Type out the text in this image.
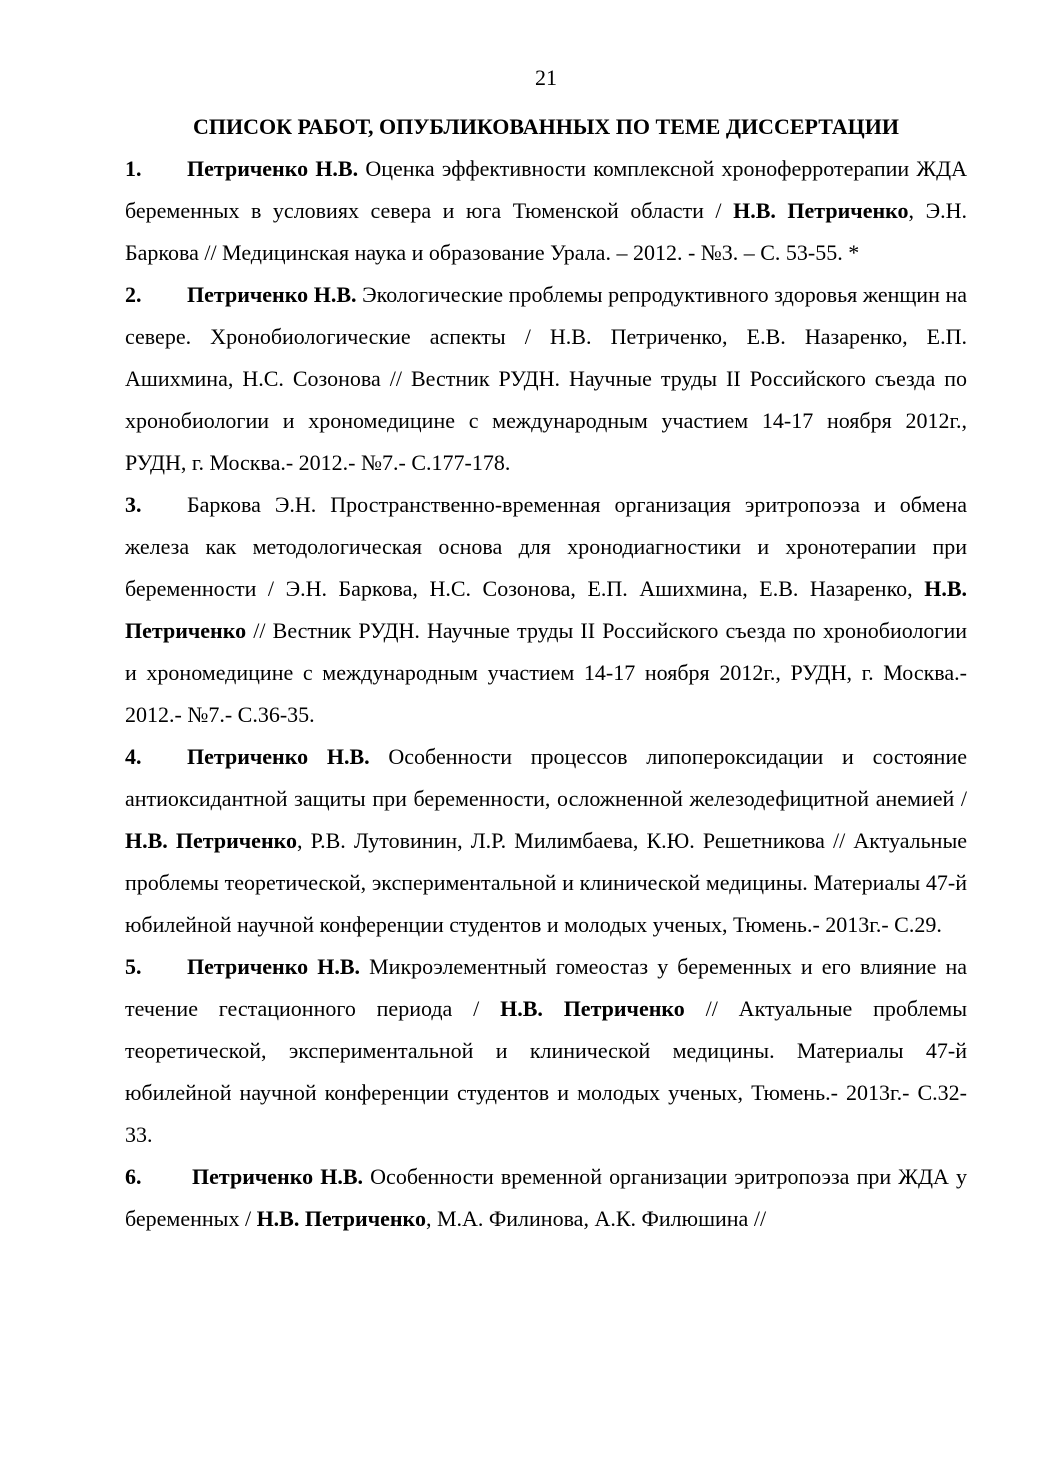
21
СПИСОК РАБОТ, ОПУБЛИКОВАННЫХ ПО ТЕМЕ ДИССЕРТАЦИИ

1. Петриченко Н.В. Оценка эффективности комплексной хроноферротерапии ЖДА беременных в условиях севера и юга Тюменской области / Н.В. Петриченко, Э.Н. Баркова // Медицинская наука и образование Урала. – 2012. - №3. – С. 53-55. *

2. Петриченко Н.В. Экологические проблемы репродуктивного здоровья женщин на севере. Хронобиологические аспекты / Н.В. Петриченко, Е.В. Назаренко, Е.П. Ашихмина, Н.С. Созонова // Вестник РУДН. Научные труды II Российского съезда по хронобиологии и хрономедицине с международным участием 14-17 ноября 2012г., РУДН, г. Москва.- 2012.- №7.- С.177-178.

3. Баркова Э.Н. Пространственно-временная организация эритропоэза и обмена железа как методологическая основа для хронодиагностики и хронотерапии при беременности / Э.Н. Баркова, Н.С. Созонова, Е.П. Ашихмина, Е.В. Назаренко, Н.В. Петриченко // Вестник РУДН. Научные труды II Российского съезда по хронобиологии и хрономедицине с международным участием 14-17 ноября 2012г., РУДН, г. Москва.- 2012.- №7.- С.36-35.

4. Петриченко Н.В. Особенности процессов липопероксидации и состояние антиоксидантной защиты при беременности, осложненной железодефицитной анемией / Н.В. Петриченко, Р.В. Лутовинин, Л.Р. Милимбаева, К.Ю. Решетникова // Актуальные проблемы теоретической, экспериментальной и клинической медицины. Материалы 47-й юбилейной научной конференции студентов и молодых ученых, Тюмень.- 2013г.- С.29.

5. Петриченко Н.В. Микроэлементный гомеостаз у беременных и его влияние на течение гестационного периода / Н.В. Петриченко // Актуальные проблемы теоретической, экспериментальной и клинической медицины. Материалы 47-й юбилейной научной конференции студентов и молодых ученых, Тюмень.- 2013г.- С.32-33.

6. Петриченко Н.В. Особенности временной организации эритропоэза при ЖДА у беременных / Н.В. Петриченко, М.А. Филинова, А.К. Филюшина //
